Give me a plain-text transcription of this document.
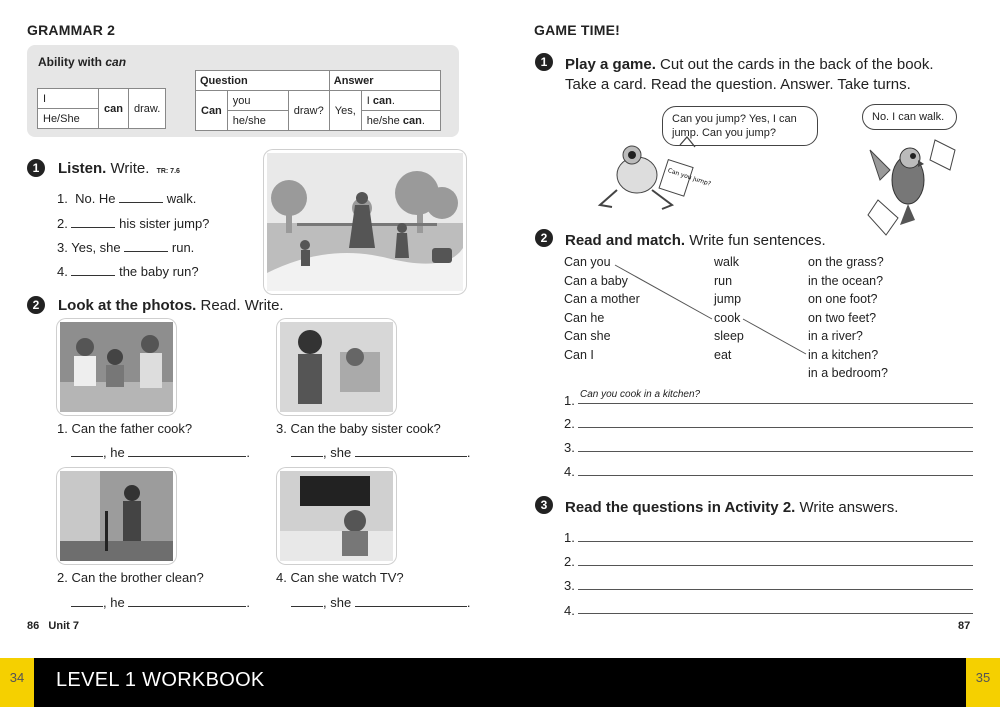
GRAMMAR 2
Ability with can
I	can	draw.
He/She
Question			Answer	
Can	you	draw?	Yes,	I can.
	he/she			he/she can.
1	Listen. Write. TR: 7.6
1. No. He	walk.
2.	his sister jump?
3. Yes, she	run.
4.	the baby run?
2	Look at the photos. Read. Write.
1. Can the father cook?
, he	.
3. Can the baby sister cook?
, she	.
2. Can the brother clean?
, he	.
4. Can she watch TV?
, she	.
86 Unit 7
GAME TIME!
1	Play a game. Cut out the cards in the back of the book.
Take a card. Read the question. Answer. Take turns.
Can you jump? Yes, I can
jump. Can you jump?
No. I can walk.
Can you jump?
2	Read and match. Write fun sentences.
Can you
Can a baby
Can a mother
Can he
Can she
Can I
walk
run
jump
cook
sleep
eat
on the grass?
in the ocean?
on one foot?
on two feet?
in a river?
in a kitchen?
in a bedroom?
1. Can you cook in a kitchen?
2.
3.
4.
3	Read the questions in Activity 2. Write answers.
1.
2.
3.
4.
87
34	35
LEVEL 1 WORKBOOK
